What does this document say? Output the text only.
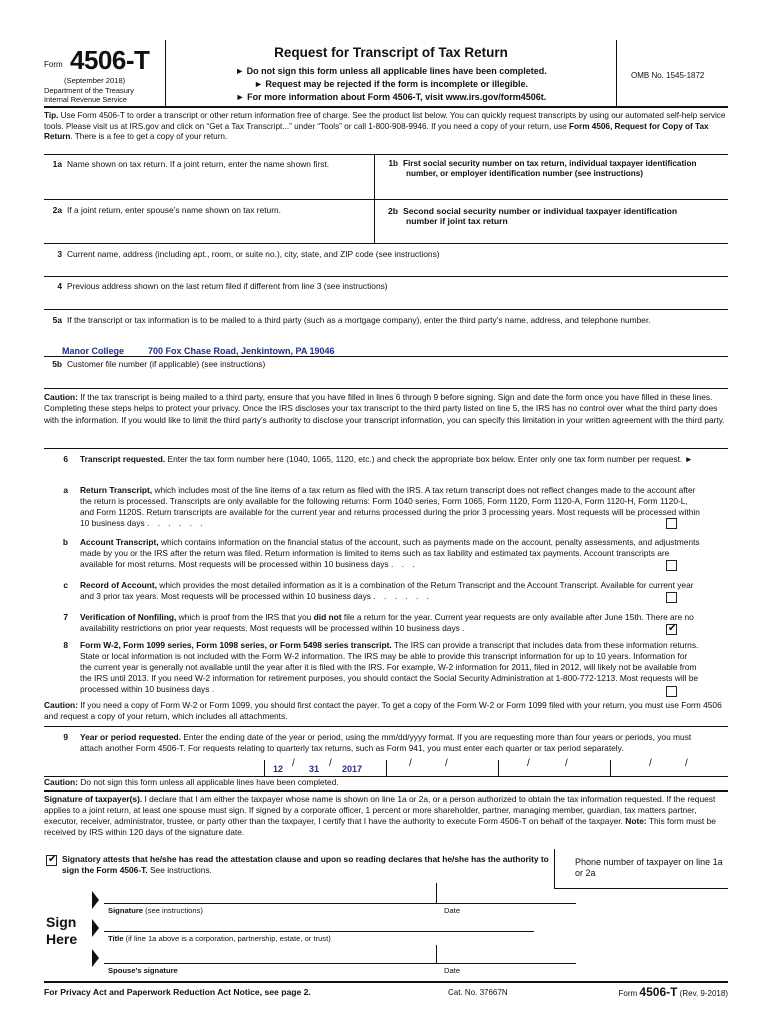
Form 4506-T
(September 2018)
Department of the Treasury
Internal Revenue Service
Request for Transcript of Tax Return
► Do not sign this form unless all applicable lines have been completed.
► Request may be rejected if the form is incomplete or illegible.
► For more information about Form 4506-T, visit www.irs.gov/form4506t.
OMB No. 1545-1872
Tip. Use Form 4506-T to order a transcript or other return information free of charge. See the product list below. You can quickly request transcripts by using our automated self-help service tools. Please visit us at IRS.gov and click on “Get a Tax Transcript...” under “Tools” or call 1-800-908-9946. If you need a copy of your return, use Form 4506, Request for Copy of Tax Return. There is a fee to get a copy of your return.
1a Name shown on tax return. If a joint return, enter the name shown first.	1b First social security number on tax return, individual taxpayer identification number, or employer identification number (see instructions)
2a If a joint return, enter spouse’s name shown on tax return.	2b Second social security number or individual taxpayer identification number if joint tax return
3 Current name, address (including apt., room, or suite no.), city, state, and ZIP code (see instructions)
4 Previous address shown on the last return filed if different from line 3 (see instructions)
5a If the transcript or tax information is to be mailed to a third party (such as a mortgage company), enter the third party’s name, address, and telephone number.
Manor College	700 Fox Chase Road, Jenkintown, PA 19046
5b Customer file number (if applicable) (see instructions)
Caution: If the tax transcript is being mailed to a third party, ensure that you have filled in lines 6 through 9 before signing. Sign and date the form once you have filled in these lines. Completing these steps helps to protect your privacy. Once the IRS discloses your tax transcript to the third party listed on line 5, the IRS has no control over what the third party does with the information. If you would like to limit the third party’s authority to disclose your transcript information, you can specify this limitation in your written agreement with the third party.
6 Transcript requested. Enter the tax form number here (1040, 1065, 1120, etc.) and check the appropriate box below. Enter only one tax form number per request. ►
a Return Transcript, which includes most of the line items of a tax return as filed with the IRS. A tax return transcript does not reflect changes made to the account after the return is processed. Transcripts are only available for the following returns: Form 1040 series, Form 1065, Form 1120, Form 1120-A, Form 1120-H, Form 1120-L, and Form 1120S. Return transcripts are available for the current year and returns processed during the prior 3 processing years. Most requests will be processed within 10 business days . . . . . .
b Account Transcript, which contains information on the financial status of the account, such as payments made on the account, penalty assessments, and adjustments made by you or the IRS after the return was filed. Return information is limited to items such as tax liability and estimated tax payments. Account transcripts are available for most returns. Most requests will be processed within 10 business days . . .
c Record of Account, which provides the most detailed information as it is a combination of the Return Transcript and the Account Transcript. Available for current year and 3 prior tax years. Most requests will be processed within 10 business days . . . . . .
7 Verification of Nonfiling, which is proof from the IRS that you did not file a return for the year. Current year requests are only available after June 15th. There are no availability restrictions on prior year requests. Most requests will be processed within 10 business days .
✔
8 Form W-2, Form 1099 series, Form 1098 series, or Form 5498 series transcript. The IRS can provide a transcript that includes data from these information returns. State or local information is not included with the Form W-2 information. The IRS may be able to provide this transcript information for up to 10 years. Information for the current year is generally not available until the year after it is filed with the IRS. For example, W-2 information for 2011, filed in 2012, will likely not be available from the IRS until 2013. If you need W-2 information for retirement purposes, you should contact the Social Security Administration at 1-800-772-1213. Most requests will be processed within 10 business days .
Caution: If you need a copy of Form W-2 or Form 1099, you should first contact the payer. To get a copy of the Form W-2 or Form 1099 filed with your return, you must use Form 4506 and request a copy of your return, which includes all attachments.
9 Year or period requested. Enter the ending date of the year or period, using the mm/dd/yyyy format. If you are requesting more than four years or periods, you must attach another Form 4506-T. For requests relating to quarterly tax returns, such as Form 941, you must enter each quarter or tax period separately.
12 / 31 / 2017	/	/	/	/	/	/
Caution: Do not sign this form unless all applicable lines have been completed.
Signature of taxpayer(s). I declare that I am either the taxpayer whose name is shown on line 1a or 2a, or a person authorized to obtain the tax information requested. If the request applies to a joint return, at least one spouse must sign. If signed by a corporate officer, 1 percent or more shareholder, partner, managing member, guardian, tax matters partner, executor, receiver, administrator, trustee, or party other than the taxpayer, I certify that I have the authority to execute Form 4506-T on behalf of the taxpayer. Note: This form must be received by IRS within 120 days of the signature date.
✔
Signatory attests that he/she has read the attestation clause and upon so reading declares that he/she has the authority to sign the Form 4506-T. See instructions.
Phone number of taxpayer on line 1a or 2a
Sign Here
Signature (see instructions)	Date
Title (if line 1a above is a corporation, partnership, estate, or trust)
Spouse’s signature	Date
For Privacy Act and Paperwork Reduction Act Notice, see page 2.	Cat. No. 37667N	Form 4506-T (Rev. 9-2018)
